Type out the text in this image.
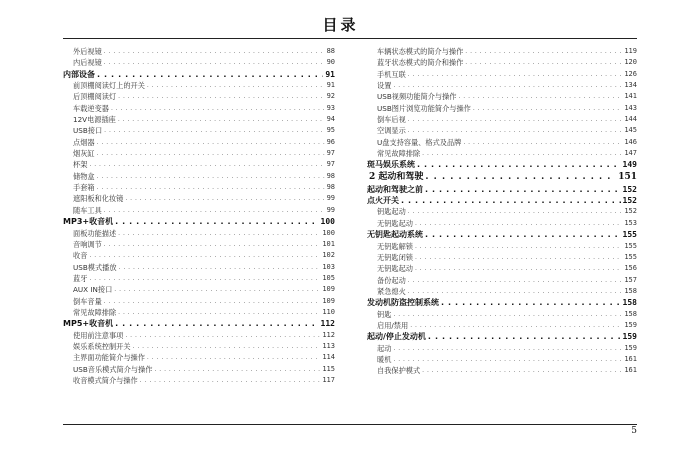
目录
外后视镜 . . .	88
内后视镜 . . .	90
内部设备 . . .	91
前顶棚阅读灯上的开关 . . .	91
后顶棚阅读灯 . . .	92
车载逆变器 . . .	93
12V电源插座 . . .	94
USB接口 . . .	95
点烟器 . . .	96
烟灰缸 . . .	97
杯架 . . .	97
储物盒 . . .	98
手套箱 . . .	98
遮阳板和化妆镜 . . .	99
随车工具 . . .	99
MP3+收音机 . . .	100
面板功能描述 . . .	100
音响调节 . . .	101
收音 . . .	102
USB模式播放 . . .	103
蓝牙 . . .	105
AUX IN接口 . . .	109
倒车音量 . . .	109
常见故障排除 . . .	110
MP5+收音机 . . .	112
使用前注意事项 . . .	112
娱乐系统控制开关 . . .	113
主界面功能简介与操作 . . .	114
USB音乐模式简介与操作 . . .	115
收音模式简介与操作 . . .	117
车辆状态模式的简介与操作 . . .	119
蓝牙状态模式的简介和操作 . . .	120
手机互联 . . .	126
设置 . . .	134
USB视频功能简介与操作 . . .	141
USB图片浏览功能简介与操作 . . .	143
倒车后视 . . .	144
空调显示 . . .	145
U盘支持容量、格式及品牌 . . .	146
常见故障排除 . . .	147
斑马娱乐系统 . . .	149
2 起动和驾驶 . . .	151
起动和驾驶之前 . . .	152
点火开关 . . .	152
钥匙起动 . . .	152
无钥匙起动 . . .	153
无钥匙起动系统 . . .	155
无钥匙解锁 . . .	155
无钥匙闭锁 . . .	155
无钥匙起动 . . .	156
备份起动 . . .	157
紧急熄火 . . .	158
发动机防盗控制系统 . . .	158
钥匙 . . .	158
启用/禁用 . . .	159
起动/停止发动机 . . .	159
起动 . . .	159
暖机 . . .	161
自我保护模式 . . .	161
5
